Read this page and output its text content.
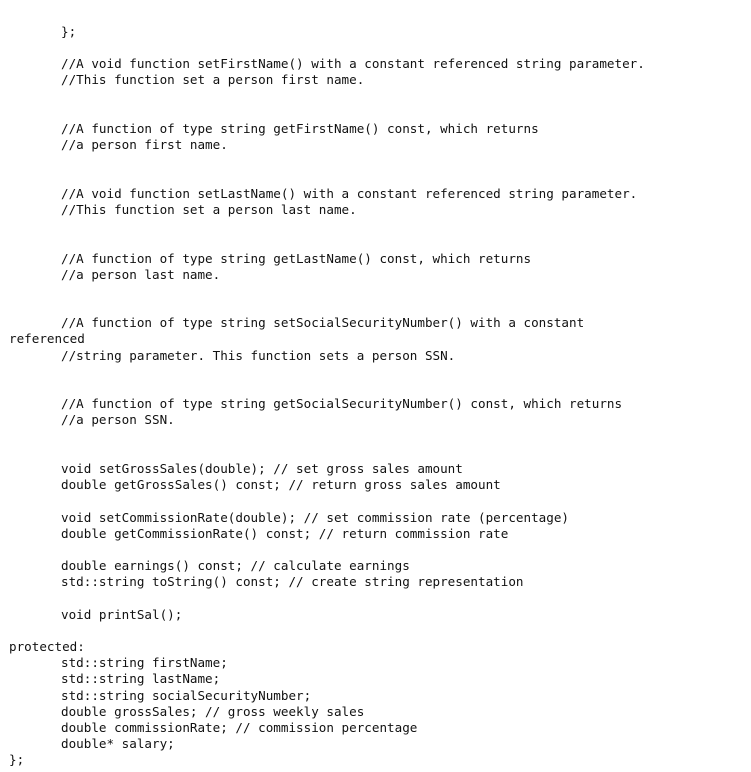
};
//A void function setFirstName() with a constant referenced string parameter.
//This function set a person first name.
//A function of type string getFirstName() const, which returns
//a person first name.
//A void function setLastName() with a constant referenced string parameter.
//This function set a person last name.
//A function of type string getLastName() const, which returns
//a person last name.
//A function of type string setSocialSecurityNumber() with a constant
referenced
//string parameter. This function sets a person SSN.
//A function of type string getSocialSecurityNumber() const, which returns
//a person SSN.
void setGrossSales(double); // set gross sales amount
double getGrossSales() const; // return gross sales amount
void setCommissionRate(double); // set commission rate (percentage)
double getCommissionRate() const; // return commission rate
double earnings() const; // calculate earnings
std::string toString() const; // create string representation
void printSal();
protected:
std::string firstName;
std::string lastName;
std::string socialSecurityNumber;
double grossSales; // gross weekly sales
double commissionRate; // commission percentage
double* salary;
};
